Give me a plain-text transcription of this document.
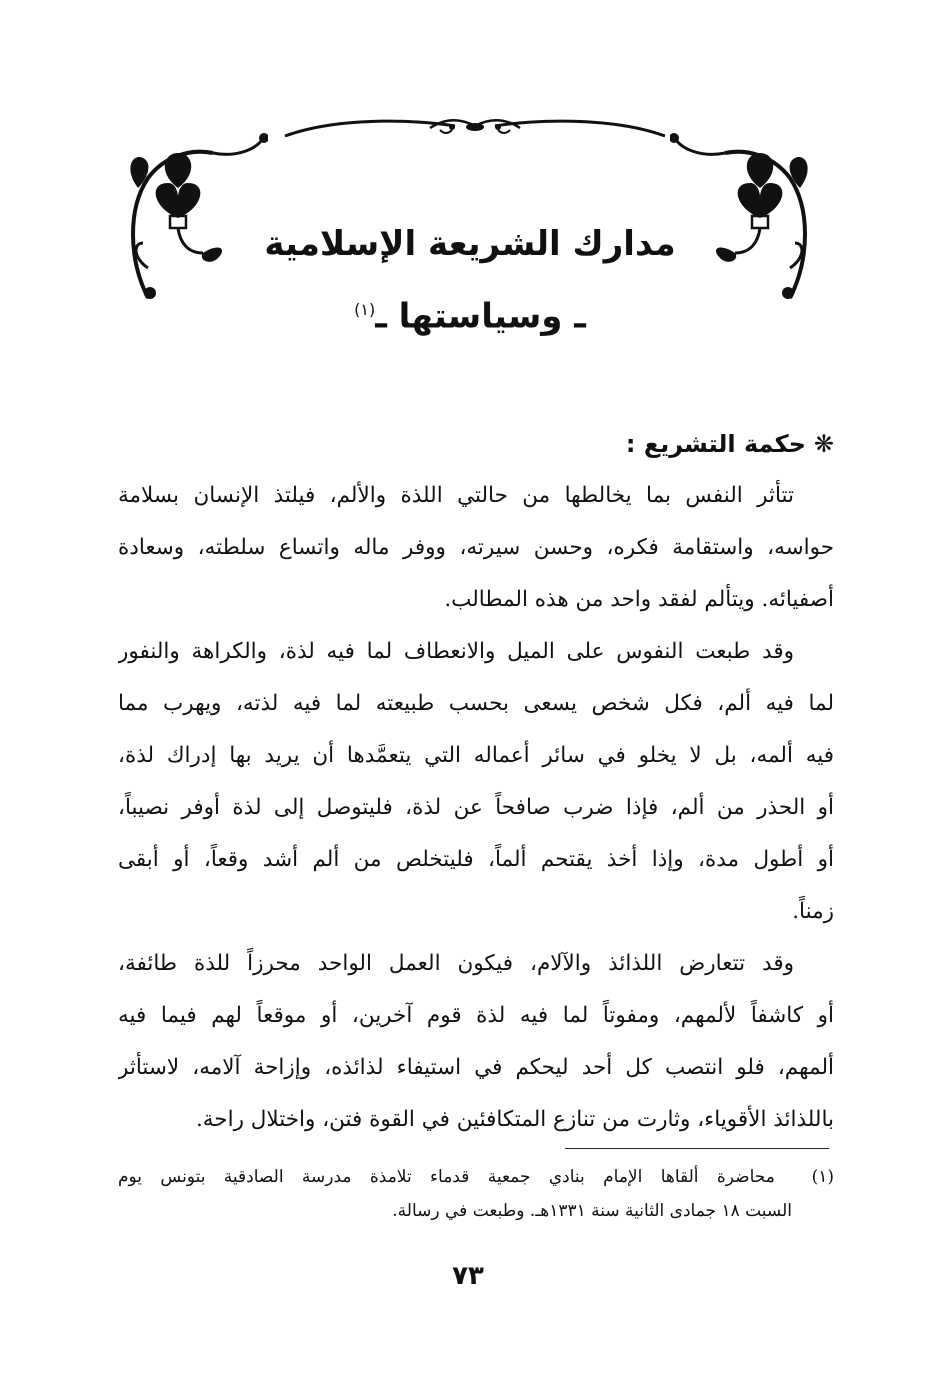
مدارك الشريعة الإسلامية
ـ وسياستها ـ$^{(١)}$
❋حكمة التشريع :
تتأثر النفس بما يخالطها من حالتي اللذة والألم، فيلتذ الإنسان بسلامة
حواسه، واستقامة فكره، وحسن سيرته، ووفر ماله واتساع سلطته، وسعادة
أصفيائه. ويتألم لفقد واحد من هذه المطالب.
وقد طبعت النفوس على الميل والانعطاف لما فيه لذة، والكراهة والنفور
لما فيه ألم، فكل شخص يسعى بحسب طبيعته لما فيه لذته، ويهرب مما
فيه ألمه، بل لا يخلو في سائر أعماله التي يتعمَّدها أن يريد بها إدراك لذة،
أو الحذر من ألم، فإذا ضرب صافحاً عن لذة، فليتوصل إلى لذة أوفر نصيباً،
أو أطول مدة، وإذا أخذ يقتحم ألماً، فليتخلص من ألم أشد وقعاً، أو أبقى
زمناً.
وقد تتعارض اللذائذ والآلام، فيكون العمل الواحد محرزاً للذة طائفة،
أو كاشفاً لألمهم، ومفوتاً لما فيه لذة قوم آخرين، أو موقعاً لهم فيما فيه
ألمهم، فلو انتصب كل أحد ليحكم في استيفاء لذائذه، وإزاحة آلامه، لاستأثر
باللذائذ الأقوياء، وثارت من تنازع المتكافئين في القوة فتن، واختلال راحة.
(١)  محاضرة ألقاها الإمام بنادي جمعية قدماء تلامذة مدرسة الصادقية بتونس يوم
السبت ١٨ جمادى الثانية سنة ١٣٣١هـ. وطبعت في رسالة.
٧٣
